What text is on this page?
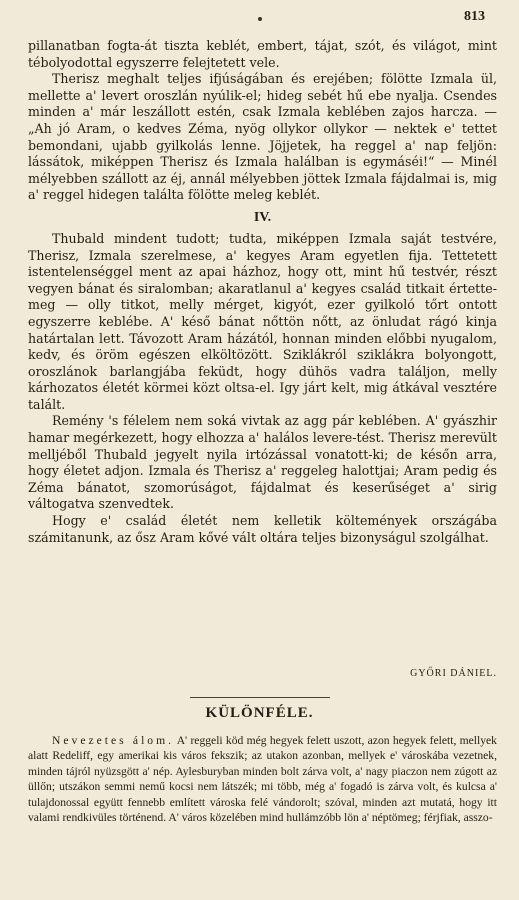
813

pillanatban fogta-át tiszta keblét, embert, tájat, szót, és világot, mint tébolyodottal egyszerre felejtetett vele.

Therisz meghalt teljes ifjúságában és erejében; fölötte Izmala ül, mellette a' levert oroszlán nyúlik-el; hideg sebét hű ebe nyalja. Csendes minden a' már leszállott estén, csak Izmala keblében zajos harcza. — „Ah jó Aram, o kedves Zéma, nyög ollykor ollykor — nektek e' tettet bemondani, ujabb gyilkolás lenne. Jöjjetek, ha reggel a' nap feljön: lássátok, miképpen Therisz és Izmala halálban is egymáséi!“ — Minél mélyebben szállott az éj, annál mélyebben jöttek Izmala fájdalmai is, mig a' reggel hidegen találta fölötte meleg keblét.

IV.

Thubald mindent tudott; tudta, miképpen Izmala saját testvére, Therisz, Izmala szerelmese, a' kegyes Aram egyetlen fija. Tettetett istentelenséggel ment az apai házhoz, hogy ott, mint hű testvér, részt vegyen bánat és siralomban; akaratlanul a' kegyes család titkait értette-meg — olly titkot, melly mérget, kigyót, ezer gyilkoló tőrt ontott egyszerre keblébe. A' késő bánat nőttön nőtt, az önludat rágó kinja határtalan lett. Távozott Aram házától, honnan minden előbbi nyugalom, kedv, és öröm egészen elköltözött. Sziklákról sziklákra bolyongott, oroszlánok barlangjába feküdt, hogy dühös vadra találjon, melly kárhozatos életét körmei közt oltsa-el. Igy járt kelt, mig átkával vesztére talált.

Remény 's félelem nem soká vivtak az agg pár keblében. A' gyászhir hamar megérkezett, hogy elhozza a' halálos levere-tést. Therisz merevült melljéből Thubald jegyelt nyila irtózással vonatott-ki; de későn arra, hogy életet adjon. Izmala és Therisz a' reggeleg halottjai; Aram pedig és Zéma bánatot, szomorúságot, fájdalmat és keserűséget a' sirig váltogatva szenvedtek.

Hogy e' család életét nem kelletik költemények országába számitanunk, az ősz Aram kővé vált oltára teljes bizonyságul szolgálhat.

GYŐRI DÁNIEL.
KÜLÖNFÉLE.

Nevezetes álom. A' reggeli köd még hegyek felett uszott, azon hegyek felett, mellyek alatt Redeliff, egy amerikai kis város fekszik; az utakon azonban, mellyek e' városkába vezetnek, minden tájról nyüzsgött a' nép. Aylesburyban minden bolt zárva volt, a' nagy piaczon nem zúgott az üllőn; utszákon semmi nemű kocsi nem látszék; mi több, még a' fogadó is zárva volt, és kulcsa a' tulajdonossal együtt fennebb említett városka felé vándorolt; szóval, minden azt mutatá, hogy itt valami rendkivüles történend. A' város közelében mind hullámzóbb lön a' néptömeg; férjfiak, asszo-
